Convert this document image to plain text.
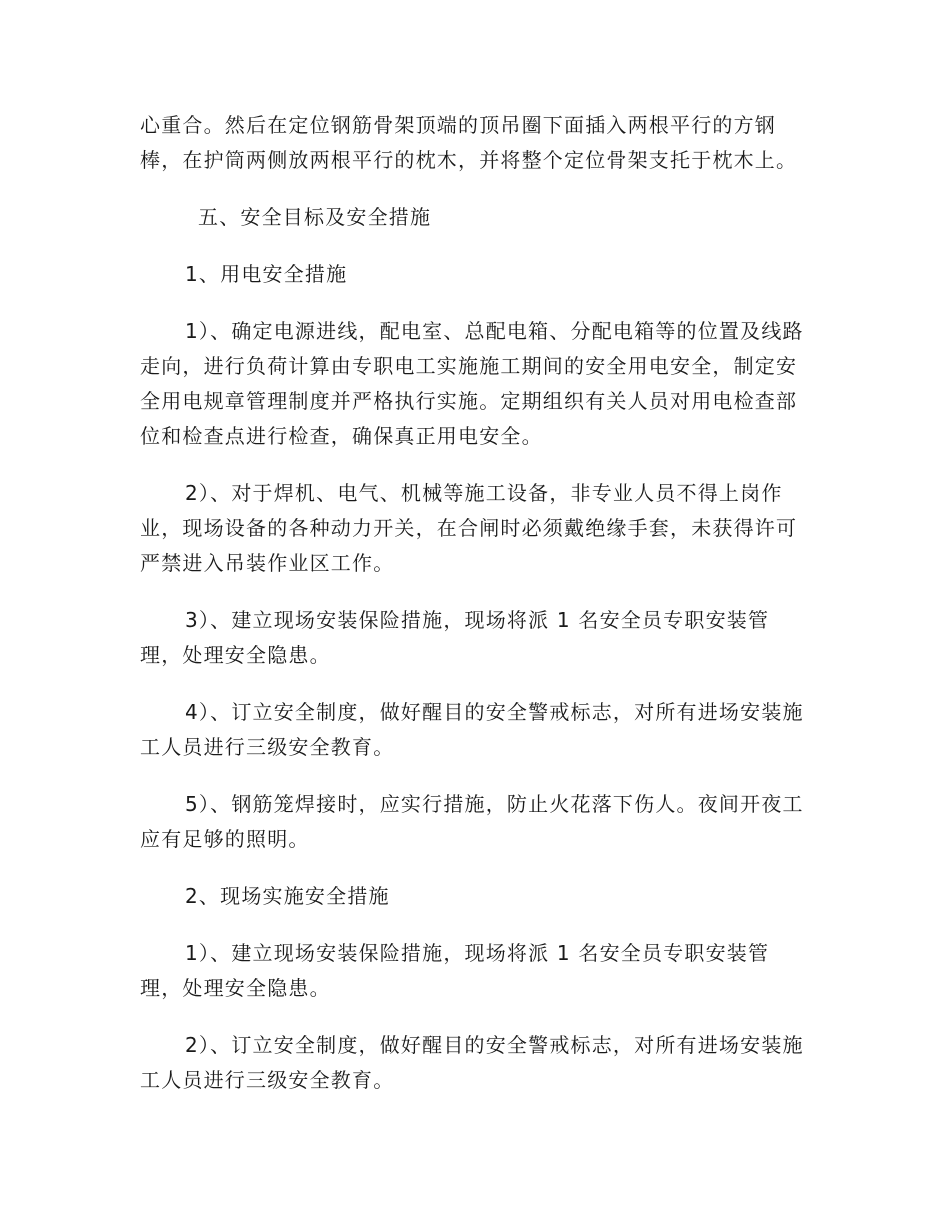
心重合。然后在定位钢筋骨架顶端的顶吊圈下面插入两根平行的方钢棒，在护筒两侧放两根平行的枕木，并将整个定位骨架支托于枕木上。

五、安全目标及安全措施

1、用电安全措施

1）、确定电源进线，配电室、总配电箱、分配电箱等的位置及线路走向，进行负荷计算由专职电工实施施工期间的安全用电安全，制定安全用电规章管理制度并严格执行实施。定期组织有关人员对用电检查部位和检查点进行检查，确保真正用电安全。

2）、对于焊机、电气、机械等施工设备，非专业人员不得上岗作业，现场设备的各种动力开关，在合闸时必须戴绝缘手套，未获得许可严禁进入吊装作业区工作。

3）、建立现场安装保险措施，现场将派 1 名安全员专职安装管理，处理安全隐患。

4）、订立安全制度，做好醒目的安全警戒标志，对所有进场安装施工人员进行三级安全教育。

5）、钢筋笼焊接时，应实行措施，防止火花落下伤人。夜间开夜工应有足够的照明。

2、现场实施安全措施

1）、建立现场安装保险措施，现场将派 1 名安全员专职安装管理，处理安全隐患。

2）、订立安全制度，做好醒目的安全警戒标志，对所有进场安装施工人员进行三级安全教育。
